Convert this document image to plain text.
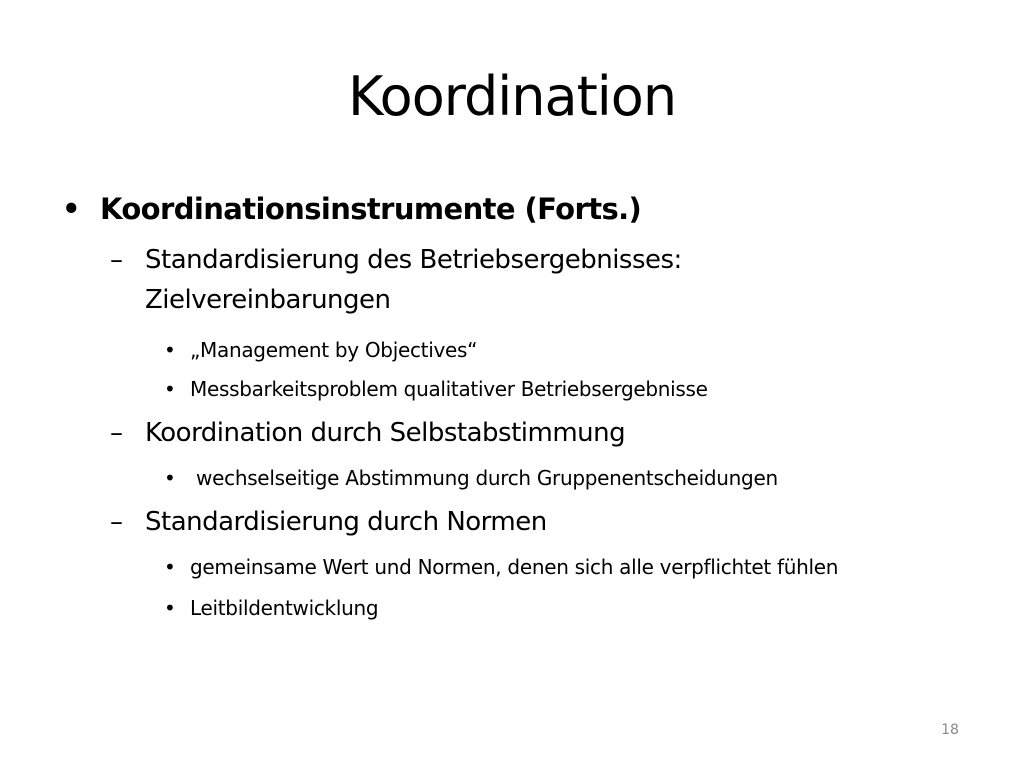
Koordination
• Koordinationsinstrumente (Forts.)
– Standardisierung des Betriebsergebnisses:
Zielvereinbarungen
• „Management by Objectives“
• Messbarkeitsproblem qualitativer Betriebsergebnisse
– Koordination durch Selbstabstimmung
• wechselseitige Abstimmung durch Gruppenentscheidungen
– Standardisierung durch Normen
• gemeinsame Wert und Normen, denen sich alle verpflichtet fühlen
• Leitbildentwicklung
18
